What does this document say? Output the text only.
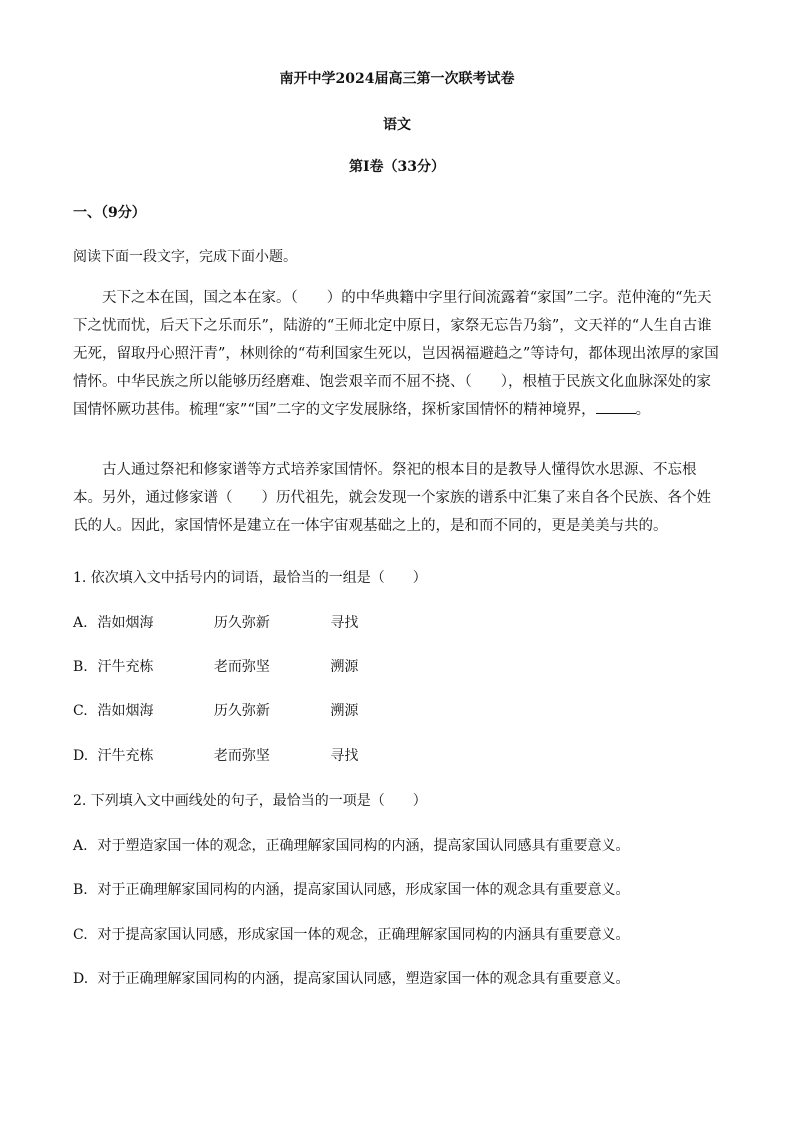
南开中学2024届高三第一次联考试卷
语文
第Ⅰ卷（33分）
一、（9分）
阅读下面一段文字，完成下面小题。

天下之本在国，国之本在家。（　　）的中华典籍中字里行间流露着“家国”二字。范仲淹的“先天下之忧而忧，后天下之乐而乐”，陆游的“王师北定中原日，家祭无忘告乃翁”，文天祥的“人生自古谁无死，留取丹心照汗青”，林则徐的“苟利国家生死以，岂因祸福避趋之”等诗句，都体现出浓厚的家国情怀。中华民族之所以能够历经磨难、饱尝艰辛而不屈不挠、（　　），根植于民族文化血脉深处的家国情怀厥功甚伟。梳理“家”“国”二字的文字发展脉络，探析家国情怀的精神境界，	。

古人通过祭祀和修家谱等方式培养家国情怀。祭祀的根本目的是教导人懂得饮水思源、不忘根本。另外，通过修家谱（　　）历代祖先，就会发现一个家族的谱系中汇集了来自各个民族、各个姓氏的人。因此，家国情怀是建立在一体宇宙观基础之上的，是和而不同的，更是美美与共的。

1. 依次填入文中括号内的词语，最恰当的一组是（　　）
A. 浩如烟海	历久弥新	寻找
B. 汗牛充栋	老而弥坚	溯源
C. 浩如烟海	历久弥新	溯源
D. 汗牛充栋	老而弥坚	寻找
2. 下列填入文中画线处的句子，最恰当的一项是（　　）
A. 对于塑造家国一体的观念，正确理解家国同构的内涵，提高家国认同感具有重要意义。
B. 对于正确理解家国同构的内涵，提高家国认同感，形成家国一体的观念具有重要意义。
C. 对于提高家国认同感，形成家国一体的观念，正确理解家国同构的内涵具有重要意义。
D. 对于正确理解家国同构的内涵，提高家国认同感，塑造家国一体的观念具有重要意义。
